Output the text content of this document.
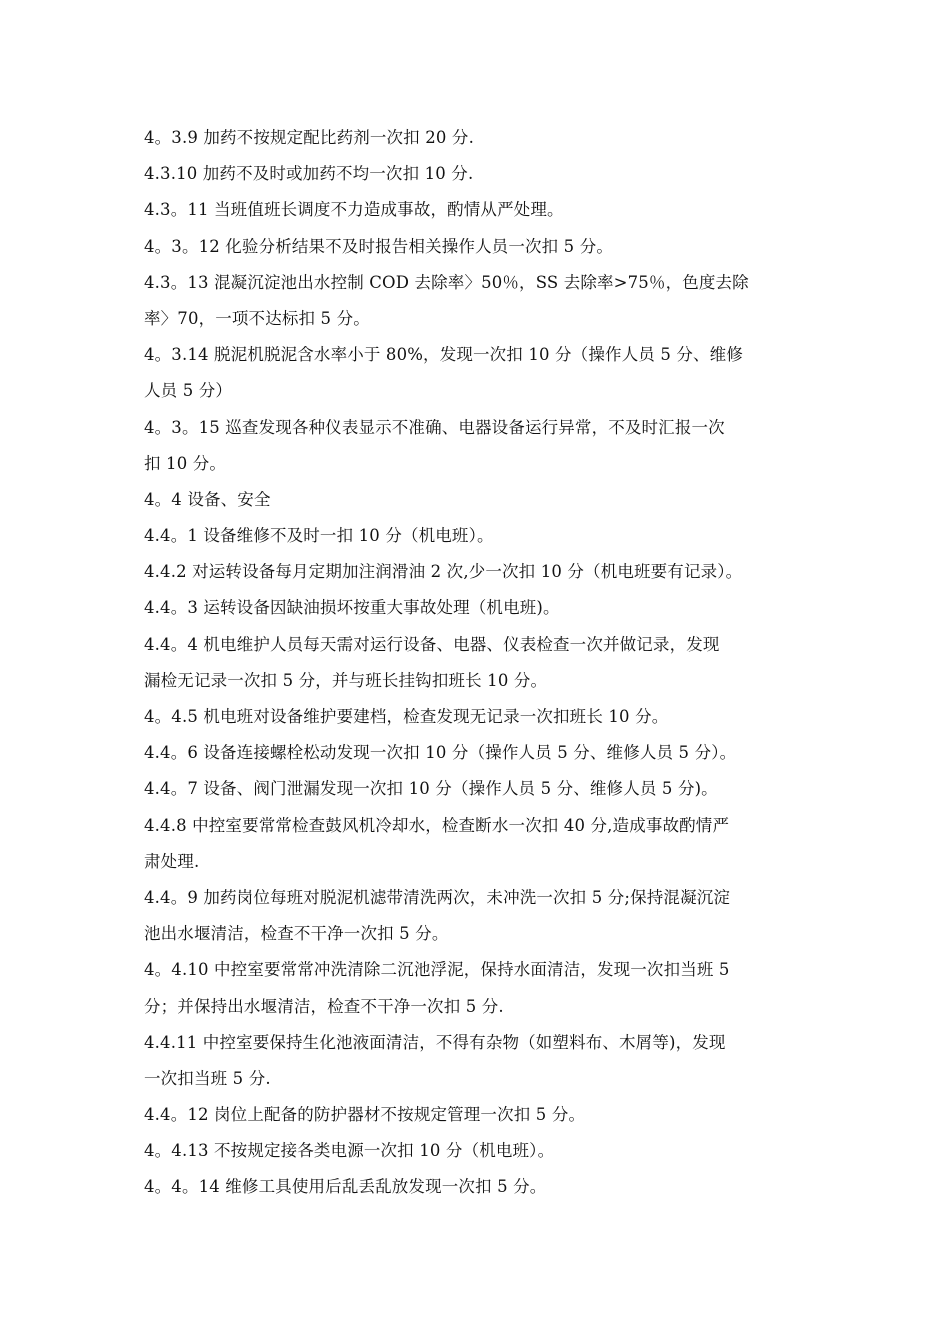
4。3.9 加药不按规定配比药剂一次扣 20 分.
4.3.10 加药不及时或加药不均一次扣 10 分.
4.3。11 当班值班长调度不力造成事故，酌情从严处理。
4。3。12 化验分析结果不及时报告相关操作人员一次扣 5 分。
4.3。13 混凝沉淀池出水控制 COD 去除率〉50％，SS 去除率>75％，色度去除
率〉70，一项不达标扣 5 分。
4。3.14 脱泥机脱泥含水率小于 80%，发现一次扣 10 分（操作人员 5 分、维修
人员 5 分）
4。3。15 巡查发现各种仪表显示不准确、电器设备运行异常，不及时汇报一次
扣 10 分。
4。4 设备、安全
4.4。1 设备维修不及时一扣 10 分（机电班）。
4.4.2 对运转设备每月定期加注润滑油 2 次,少一次扣 10 分（机电班要有记录）。
4.4。3 运转设备因缺油损坏按重大事故处理（机电班)。
4.4。4 机电维护人员每天需对运行设备、电器、仪表检查一次并做记录，发现
漏检无记录一次扣 5 分，并与班长挂钩扣班长 10 分。
4。4.5 机电班对设备维护要建档，检查发现无记录一次扣班长 10 分。
4.4。6 设备连接螺栓松动发现一次扣 10 分（操作人员 5 分、维修人员 5 分）。
4.4。7 设备、阀门泄漏发现一次扣 10 分（操作人员 5 分、维修人员 5 分)。
4.4.8 中控室要常常检查鼓风机冷却水，检查断水一次扣 40 分,造成事故酌情严
肃处理.
4.4。9 加药岗位每班对脱泥机滤带清洗两次，未冲洗一次扣 5 分;保持混凝沉淀
池出水堰清洁，检查不干净一次扣 5 分。
4。4.10 中控室要常常冲洗清除二沉池浮泥，保持水面清洁，发现一次扣当班 5
分；并保持出水堰清洁，检查不干净一次扣 5 分.
4.4.11 中控室要保持生化池液面清洁，不得有杂物（如塑料布、木屑等)，发现
一次扣当班 5 分.
4.4。12 岗位上配备的防护器材不按规定管理一次扣 5 分。
4。4.13 不按规定接各类电源一次扣 10 分（机电班）。
4。4。14 维修工具使用后乱丢乱放发现一次扣 5 分。
